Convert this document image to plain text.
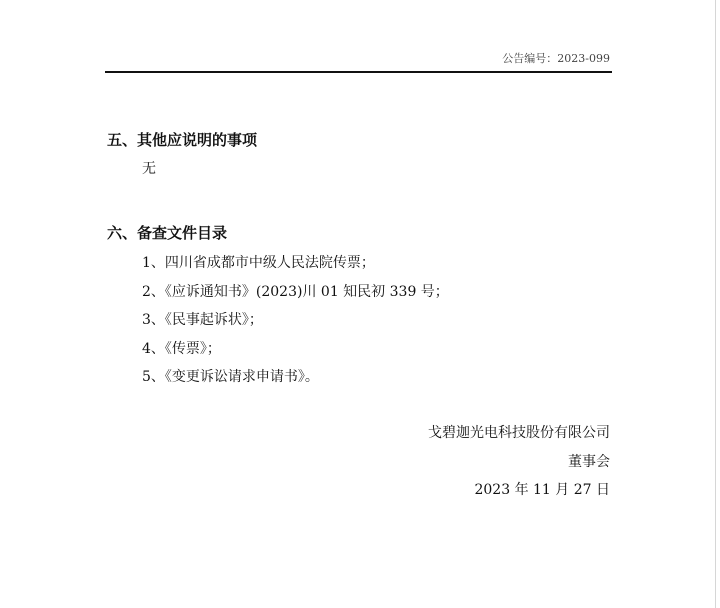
公告编号：2023-099
五、其他应说明的事项
无
六、备查文件目录
1、四川省成都市中级人民法院传票；
2、《应诉通知书》(2023)川 01 知民初 339 号；
3、《民事起诉状》；
4、《传票》；
5、《变更诉讼请求申请书》。
戈碧迦光电科技股份有限公司
董事会
2023 年 11 月 27 日
